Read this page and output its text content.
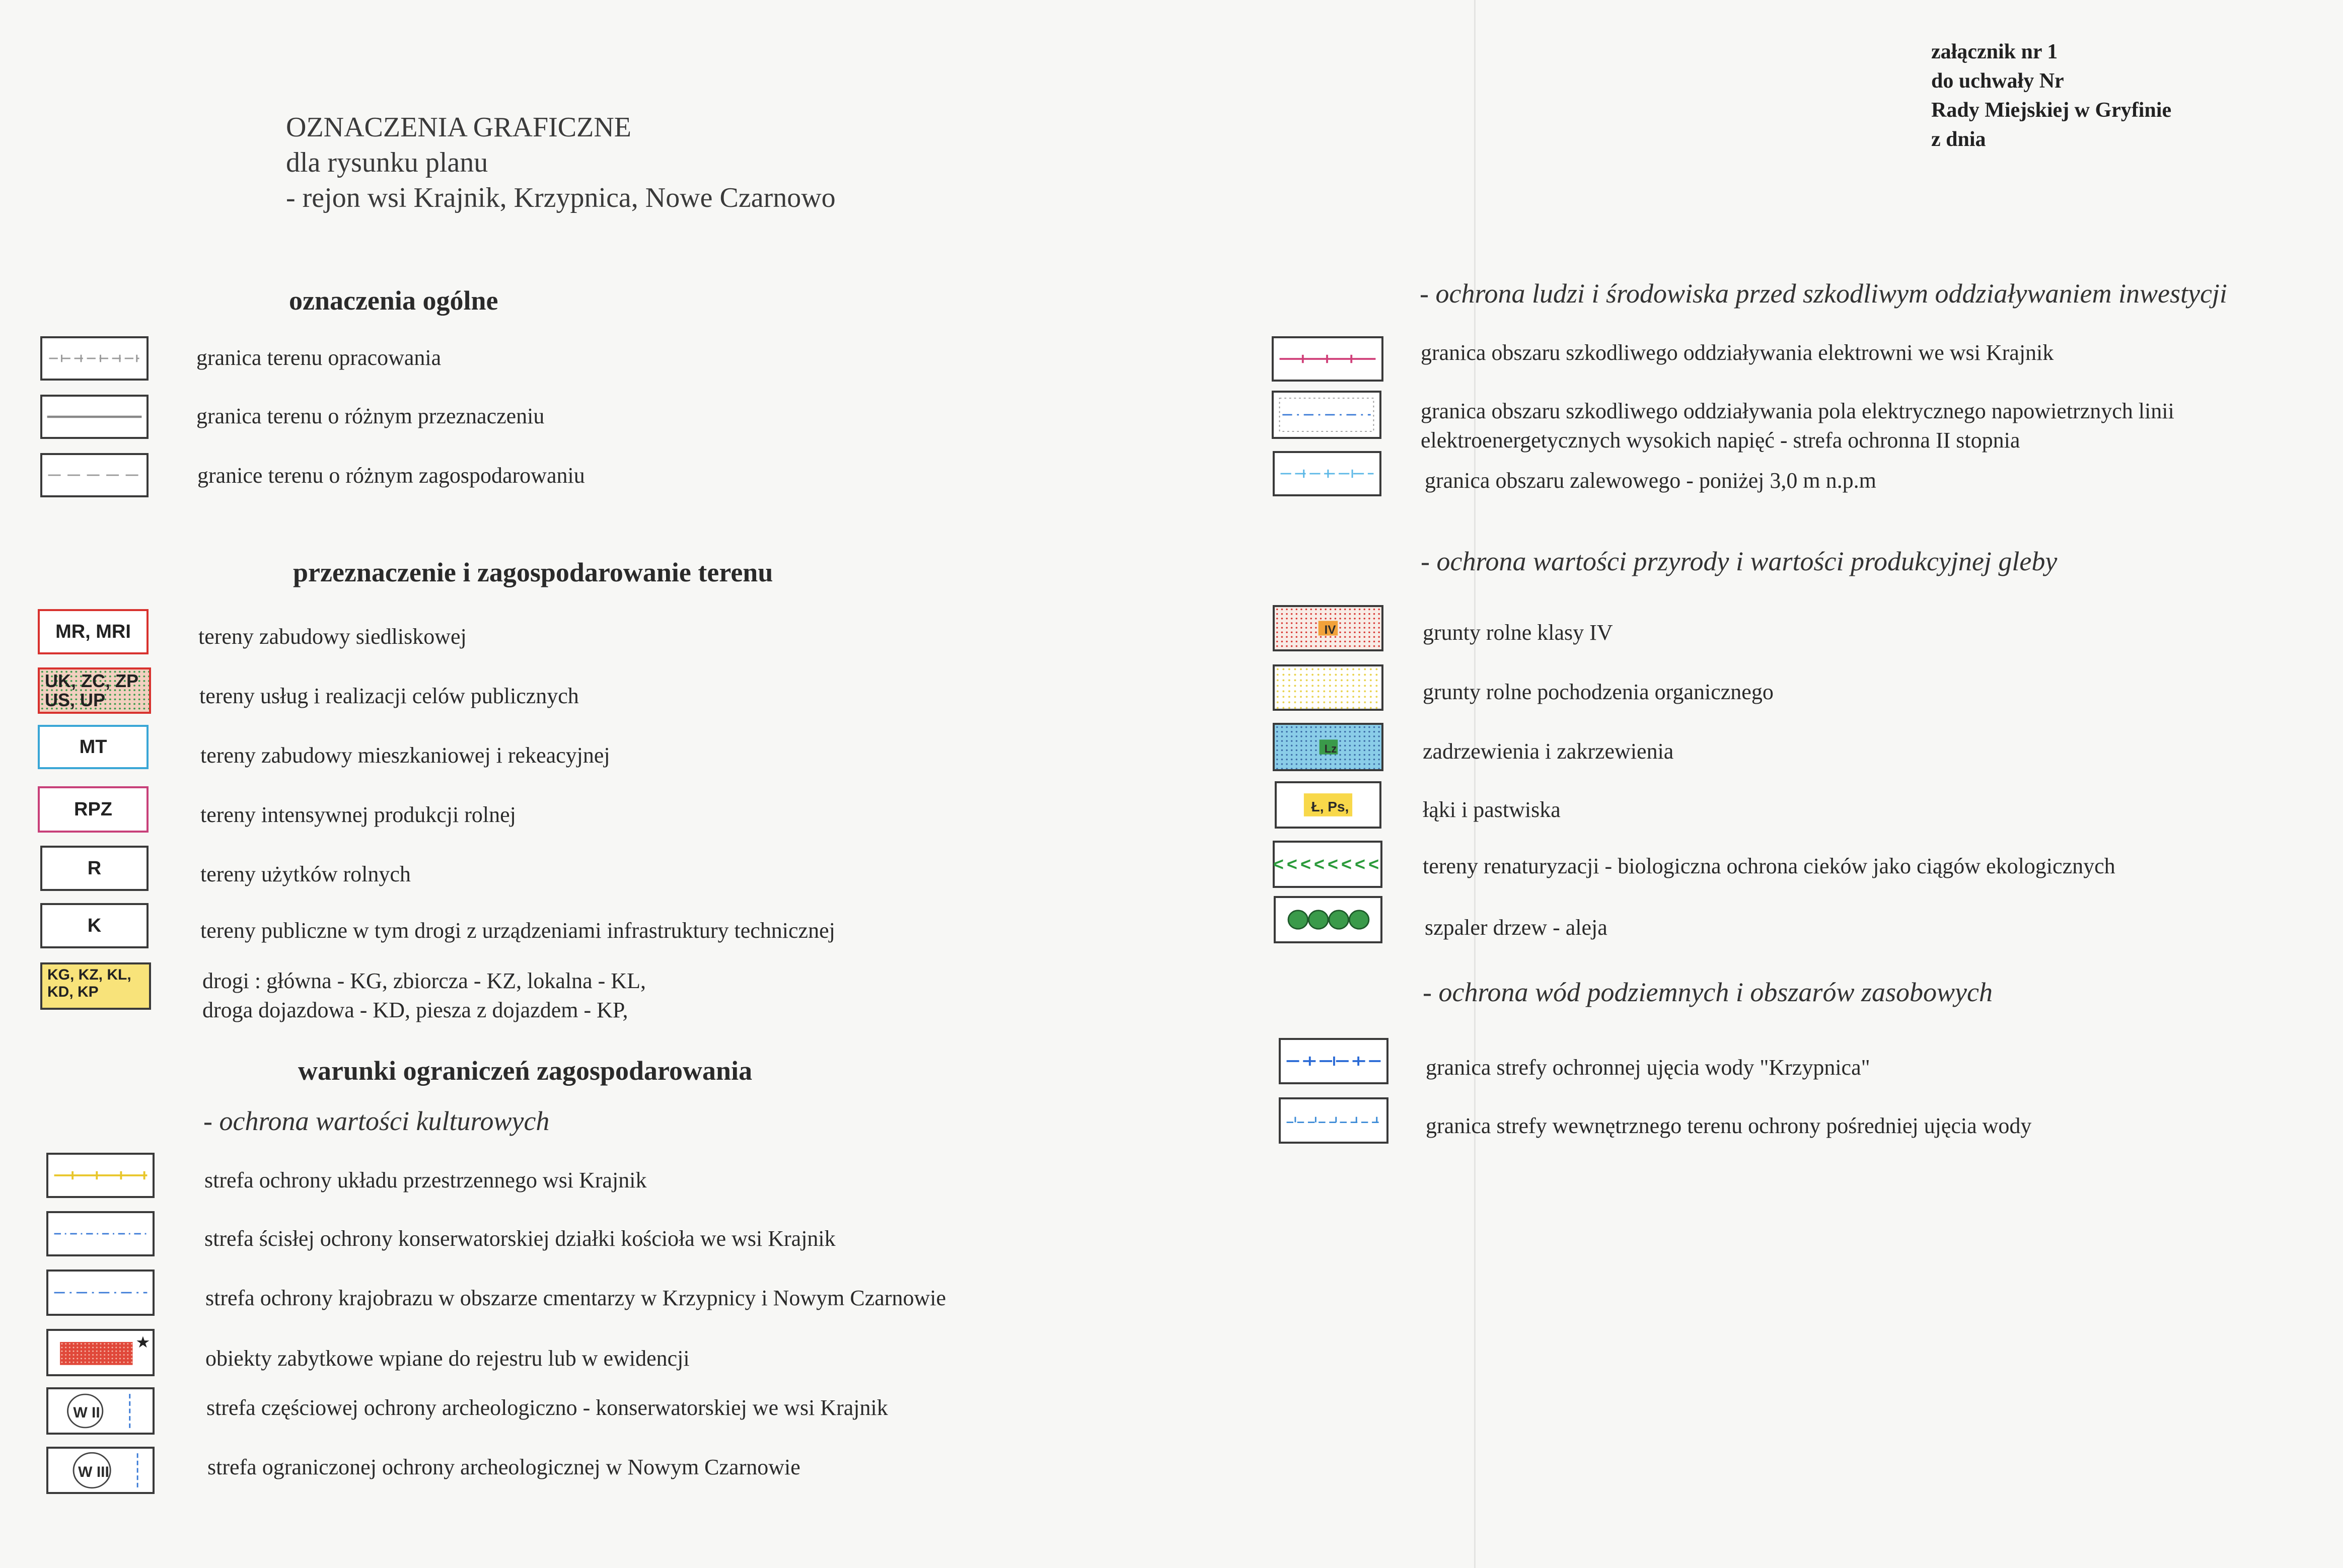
OZNACZENIA GRAFICZNE
dla rysunku planu
- rejon wsi Krajnik, Krzypnica, Nowe Czarnowo
załącznik nr 1
do uchwały Nr
Rady Miejskiej w Gryfinie
z dnia
oznaczenia ogólne
granica terenu opracowania
granica terenu o różnym przeznaczeniu
granice terenu o różnym zagospodarowaniu
przeznaczenie i zagospodarowanie terenu
MR, MRI	tereny zabudowy siedliskowej
UK, ZC, ZP
US, UP	tereny usług i realizacji celów publicznych
MT	tereny zabudowy mieszkaniowej i rekeacyjnej
RPZ	tereny intensywnej produkcji rolnej
R	tereny użytków rolnych
K	tereny publiczne w tym drogi z urządzeniami infrastruktury technicznej
KG, KZ, KL,
KD, KP	drogi : główna - KG, zbiorcza - KZ, lokalna - KL,
droga dojazdowa - KD, piesza z dojazdem - KP,
warunki ograniczeń zagospodarowania
- ochrona wartości kulturowych
strefa ochrony układu przestrzennego wsi Krajnik
strefa ścisłej ochrony konserwatorskiej działki kościoła we wsi Krajnik
strefa ochrony krajobrazu w obszarze cmentarzy w Krzypnicy i Nowym Czarnowie
★
obiekty zabytkowe wpiane do rejestru lub w ewidencji
W II	strefa częściowej ochrony archeologiczno - konserwatorskiej we wsi Krajnik
W III	strefa ograniczonej ochrony archeologicznej w Nowym Czarnowie
- ochrona ludzi i środowiska przed szkodliwym oddziaływaniem inwestycji
granica obszaru szkodliwego oddziaływania elektrowni we wsi Krajnik
granica obszaru szkodliwego oddziaływania pola elektrycznego napowietrznych linii
elektroenergetycznych wysokich napięć - strefa ochronna II stopnia
granica obszaru zalewowego - poniżej 3,0 m n.p.m
- ochrona wartości przyrody i wartości produkcyjnej gleby
IV	grunty rolne klasy IV
grunty rolne pochodzenia organicznego
Lz	zadrzewienia i zakrzewienia
Ł, Ps,	łąki i pastwiska
<<<<<<<< tereny renaturyzacji - biologiczna ochrona cieków jako ciągów ekologicznych
szpaler drzew - aleja
- ochrona wód podziemnych i obszarów zasobowych
granica strefy ochronnej ujęcia wody "Krzypnica"
granica strefy wewnętrznego terenu ochrony pośredniej ujęcia wody
